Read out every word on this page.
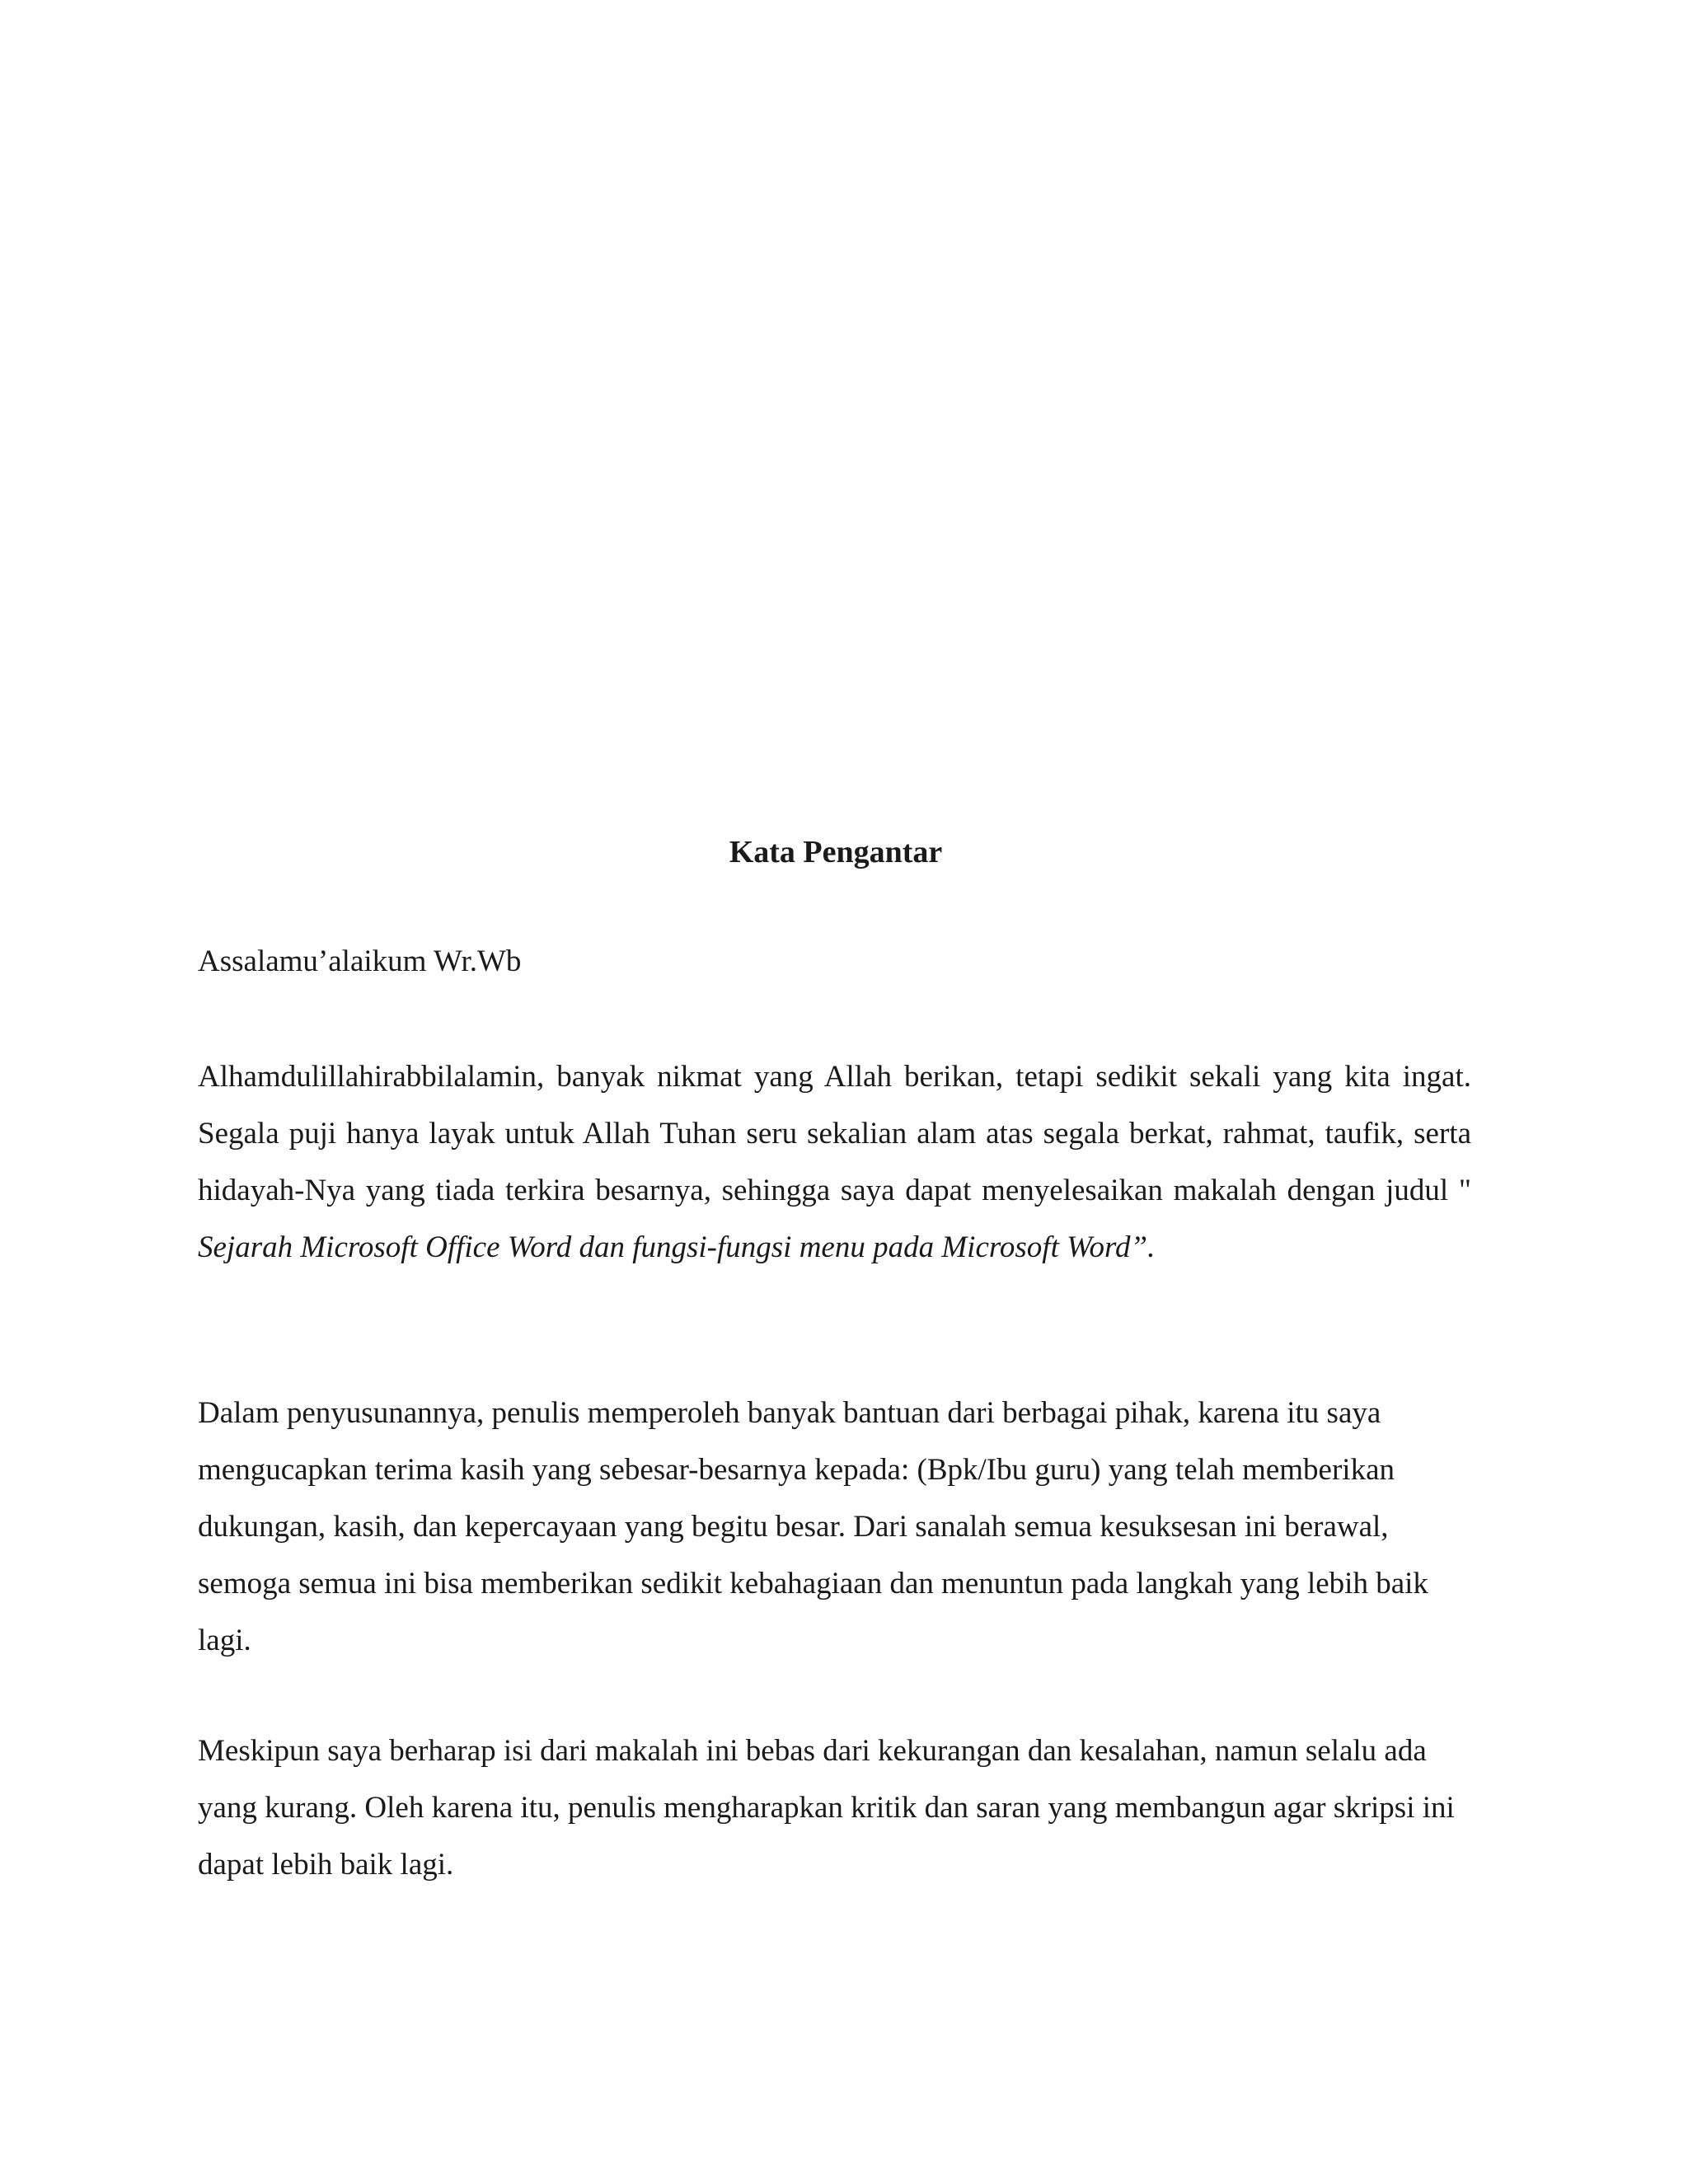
Kata Pengantar

Assalamu’alaikum Wr.Wb

Alhamdulillahirabbilalamin, banyak nikmat yang Allah berikan, tetapi sedikit sekali yang kita ingat. Segala puji hanya layak untuk Allah Tuhan seru sekalian alam atas segala berkat, rahmat, taufik, serta hidayah-Nya yang tiada terkira besarnya, sehingga saya dapat menyelesaikan makalah dengan judul " Sejarah Microsoft Office Word dan fungsi-fungsi menu pada Microsoft Word”.

Dalam penyusunannya, penulis memperoleh banyak bantuan dari berbagai pihak, karena itu saya mengucapkan terima kasih yang sebesar-besarnya kepada: (Bpk/Ibu guru) yang telah memberikan dukungan, kasih, dan kepercayaan yang begitu besar. Dari sanalah semua kesuksesan ini berawal, semoga semua ini bisa memberikan sedikit kebahagiaan dan menuntun pada langkah yang lebih baik lagi.

Meskipun saya berharap isi dari makalah ini bebas dari kekurangan dan kesalahan, namun selalu ada yang kurang. Oleh karena itu, penulis mengharapkan kritik dan saran yang membangun agar skripsi ini dapat lebih baik lagi.
